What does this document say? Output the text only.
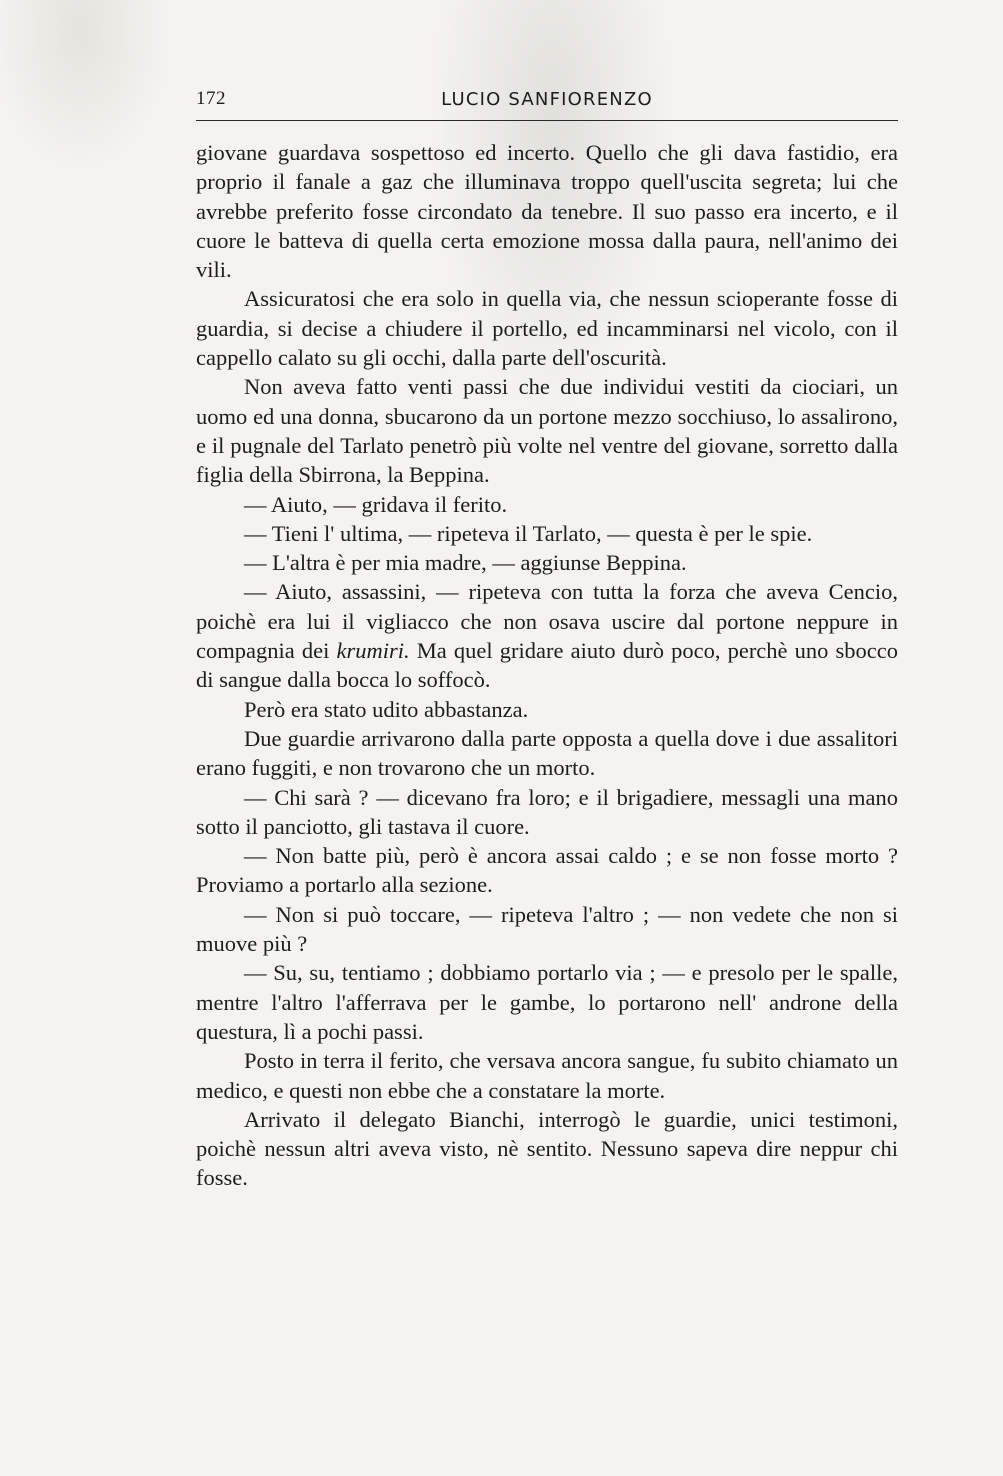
172	LUCIO SANFIORENZO

giovane guardava sospettoso ed incerto. Quello che gli dava fastidio, era proprio il fanale a gaz che illuminava troppo quell'uscita segreta; lui che avrebbe preferito fosse circondato da tenebre. Il suo passo era incerto, e il cuore le batteva di quella certa emozione mossa dalla paura, nell'animo dei vili.

Assicuratosi che era solo in quella via, che nessun scioperante fosse di guardia, si decise a chiudere il portello, ed incamminarsi nel vicolo, con il cappello calato su gli occhi, dalla parte dell'oscurità.

Non aveva fatto venti passi che due individui vestiti da ciociari, un uomo ed una donna, sbucarono da un portone mezzo socchiuso, lo assalirono, e il pugnale del Tarlato penetrò più volte nel ventre del giovane, sorretto dalla figlia della Sbirrona, la Beppina.

— Aiuto, — gridava il ferito.

— Tieni l' ultima, — ripeteva il Tarlato, — questa è per le spie.

— L'altra è per mia madre, — aggiunse Beppina.

— Aiuto, assassini, — ripeteva con tutta la forza che aveva Cencio, poichè era lui il vigliacco che non osava uscire dal portone neppure in compagnia dei krumiri. Ma quel gridare aiuto durò poco, perchè uno sbocco di sangue dalla bocca lo soffocò.

Però era stato udito abbastanza.

Due guardie arrivarono dalla parte opposta a quella dove i due assalitori erano fuggiti, e non trovarono che un morto.

— Chi sarà ? — dicevano fra loro; e il brigadiere, messagli una mano sotto il panciotto, gli tastava il cuore.

— Non batte più, però è ancora assai caldo ; e se non fosse morto ? Proviamo a portarlo alla sezione.

— Non si può toccare, — ripeteva l'altro ; — non vedete che non si muove più ?

— Su, su, tentiamo ; dobbiamo portarlo via ; — e presolo per le spalle, mentre l'altro l'afferrava per le gambe, lo portarono nell' androne della questura, lì a pochi passi.

Posto in terra il ferito, che versava ancora sangue, fu subito chiamato un medico, e questi non ebbe che a constatare la morte.

Arrivato il delegato Bianchi, interrogò le guardie, unici testimoni, poichè nessun altri aveva visto, nè sentito. Nessuno sapeva dire neppur chi fosse.
